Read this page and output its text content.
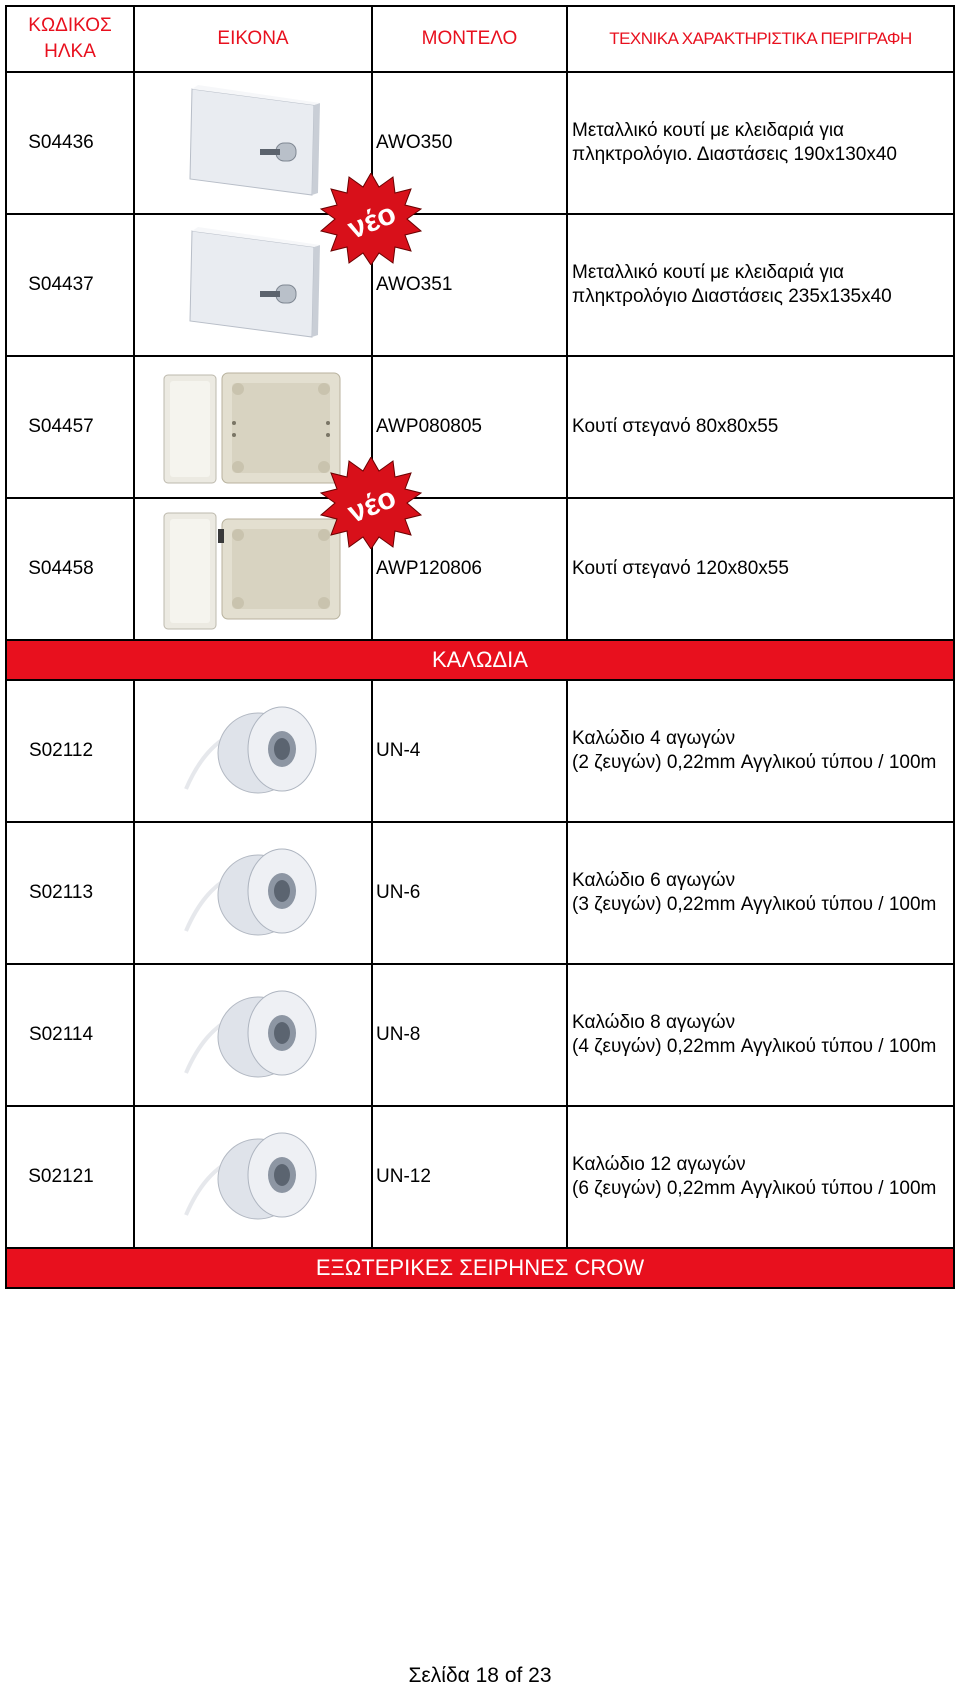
ΚΩΔΙΚΟΣ ΗΛΚΑ	ΕΙΚΟΝΑ	ΜΟΝΤΕΛΟ	ΤΕΧΝΙΚΑ ΧΑΡΑΚΤΗΡΙΣΤΙΚΑ ΠΕΡΙΓΡΑΦΗ
S04436		AWO350	Μεταλλικό κουτί με κλειδαριά για
πληκτρολόγιο. Διαστάσεις 190x130x40

S04437	νέο	AWO351	Μεταλλικό κουτί με κλειδαριά για
πληκτρολόγιο Διαστάσεις 235x135x40

S04457		AWP080805	Κουτί στεγανό 80x80x55

S04458	νέο	AWP120806	Κουτί στεγανό 120x80x55

ΚΑΛΩΔΙΑ			
S02112		UN-4	Καλώδιο 4 αγωγών
(2 ζευγών) 0,22mm Αγγλικού τύπου / 100m

S02113		UN-6	Καλώδιο 6 αγωγών
(3 ζευγών) 0,22mm Αγγλικού τύπου / 100m

S02114		UN-8	Καλώδιο 8 αγωγών
(4 ζευγών) 0,22mm Αγγλικού τύπου / 100m

S02121		UN-12	Καλώδιο 12 αγωγών
(6 ζευγών) 0,22mm Αγγλικού τύπου / 100m

ΕΞΩΤΕΡΙΚΕΣ ΣΕΙΡΗΝΕΣ CROW			
Σελίδα 18 of 23
